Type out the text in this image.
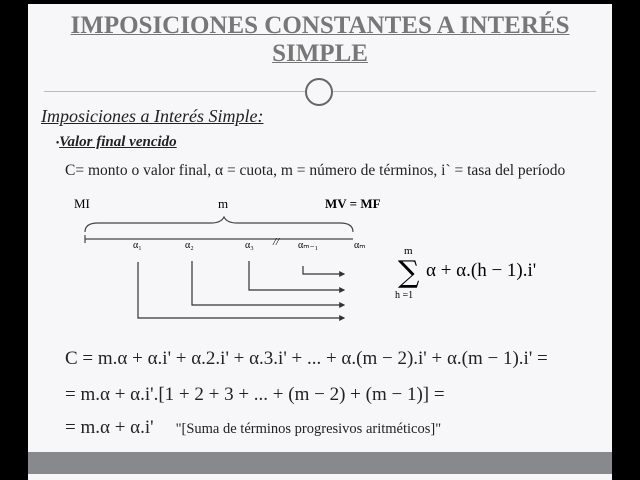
IMPOSICIONES CONSTANTES A INTERÉS
SIMPLE
Imposiciones a Interés Simple:
•Valor final vencido
C= monto o valor final, α = cuota, m = número de términos, i` = tasa del período
MI	m	MV = MF
α₁	α₂	α₃ // αₘ₋₁	αₘ	m
∑
h =1
α + α.(h − 1).i'
C = m.α + α.i' + α.2.i' + α.3.i' + ... + α.(m − 2).i' + α.(m − 1).i' =
= m.α + α.i'.[1 + 2 + 3 + ... + (m − 2) + (m − 1)] =
= m.α + α.i' "[Suma de términos progresivos aritméticos]"
